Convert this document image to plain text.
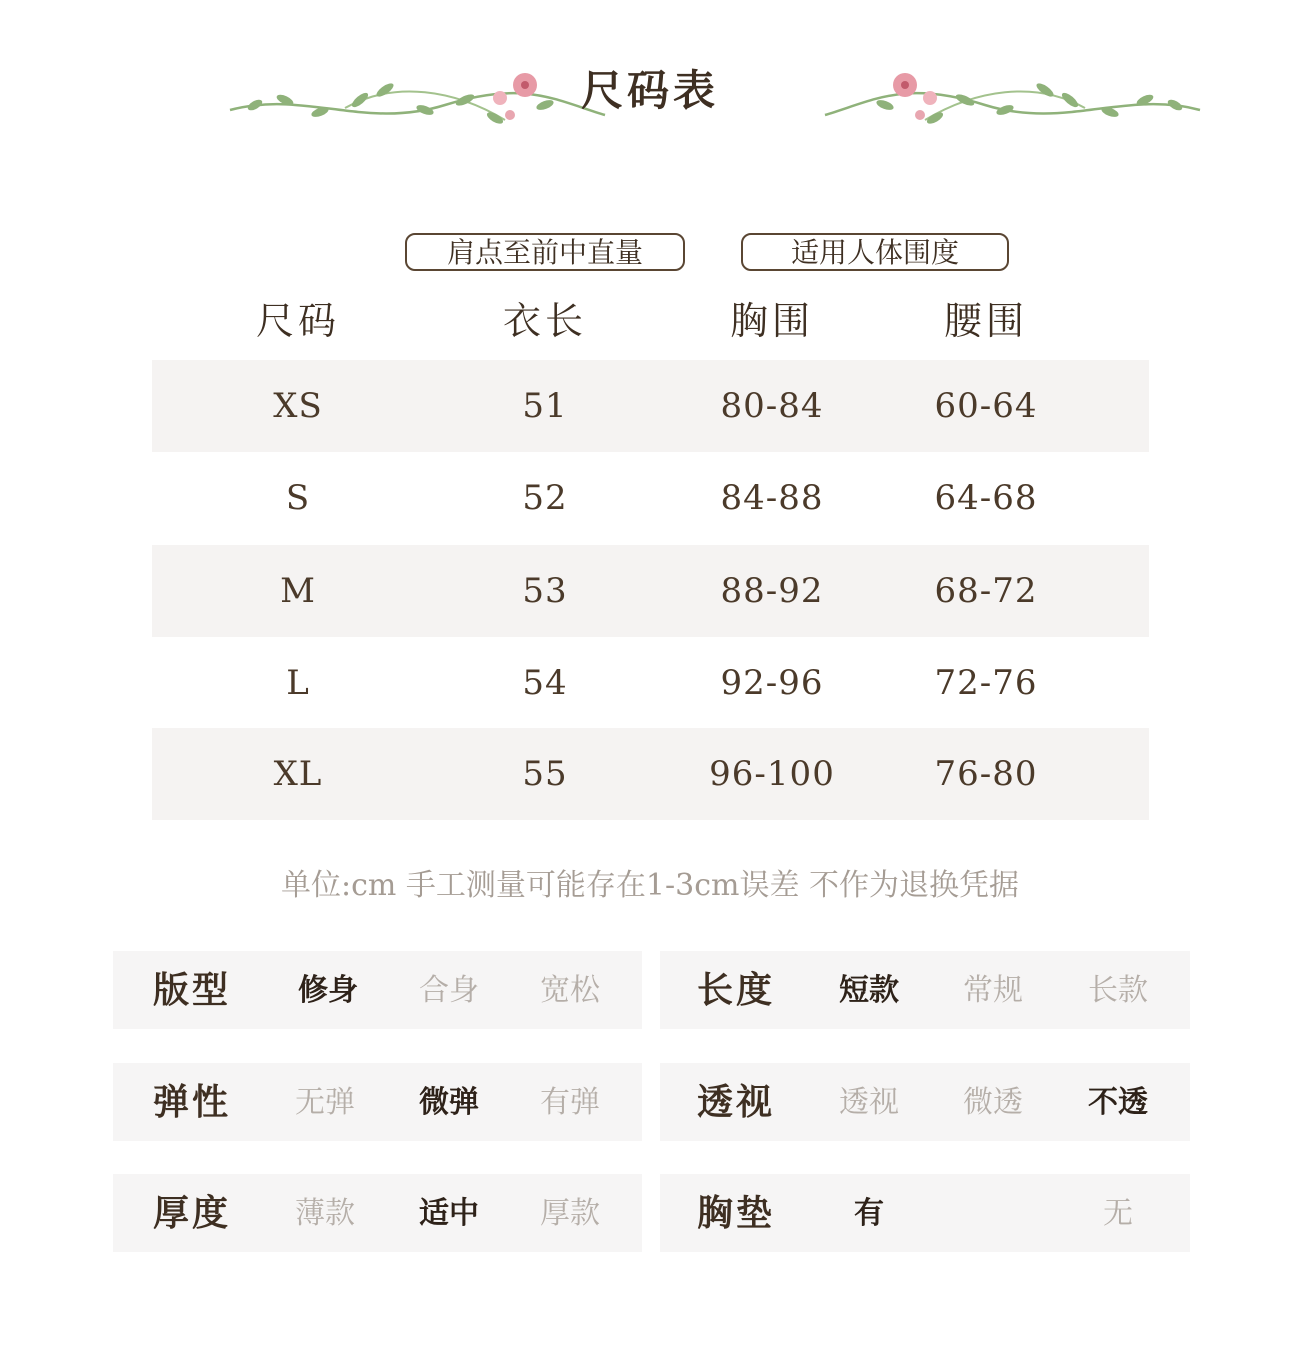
尺码表
肩点至前中直量	适用人体围度
尺码	衣长	胸围	腰围
XS	51	80-84	60-64
S	52	84-88	64-68
M	53	88-92	68-72
L	54	92-96	72-76
XL	55	96-100	76-80
单位:cm 手工测量可能存在1-3cm误差 不作为退换凭据
版型	修身	合身	宽松	长度	短款	常规	长款
弹性	无弹	微弹	有弹	透视	透视	微透	不透
厚度	薄款	适中	厚款	胸垫	有	无
